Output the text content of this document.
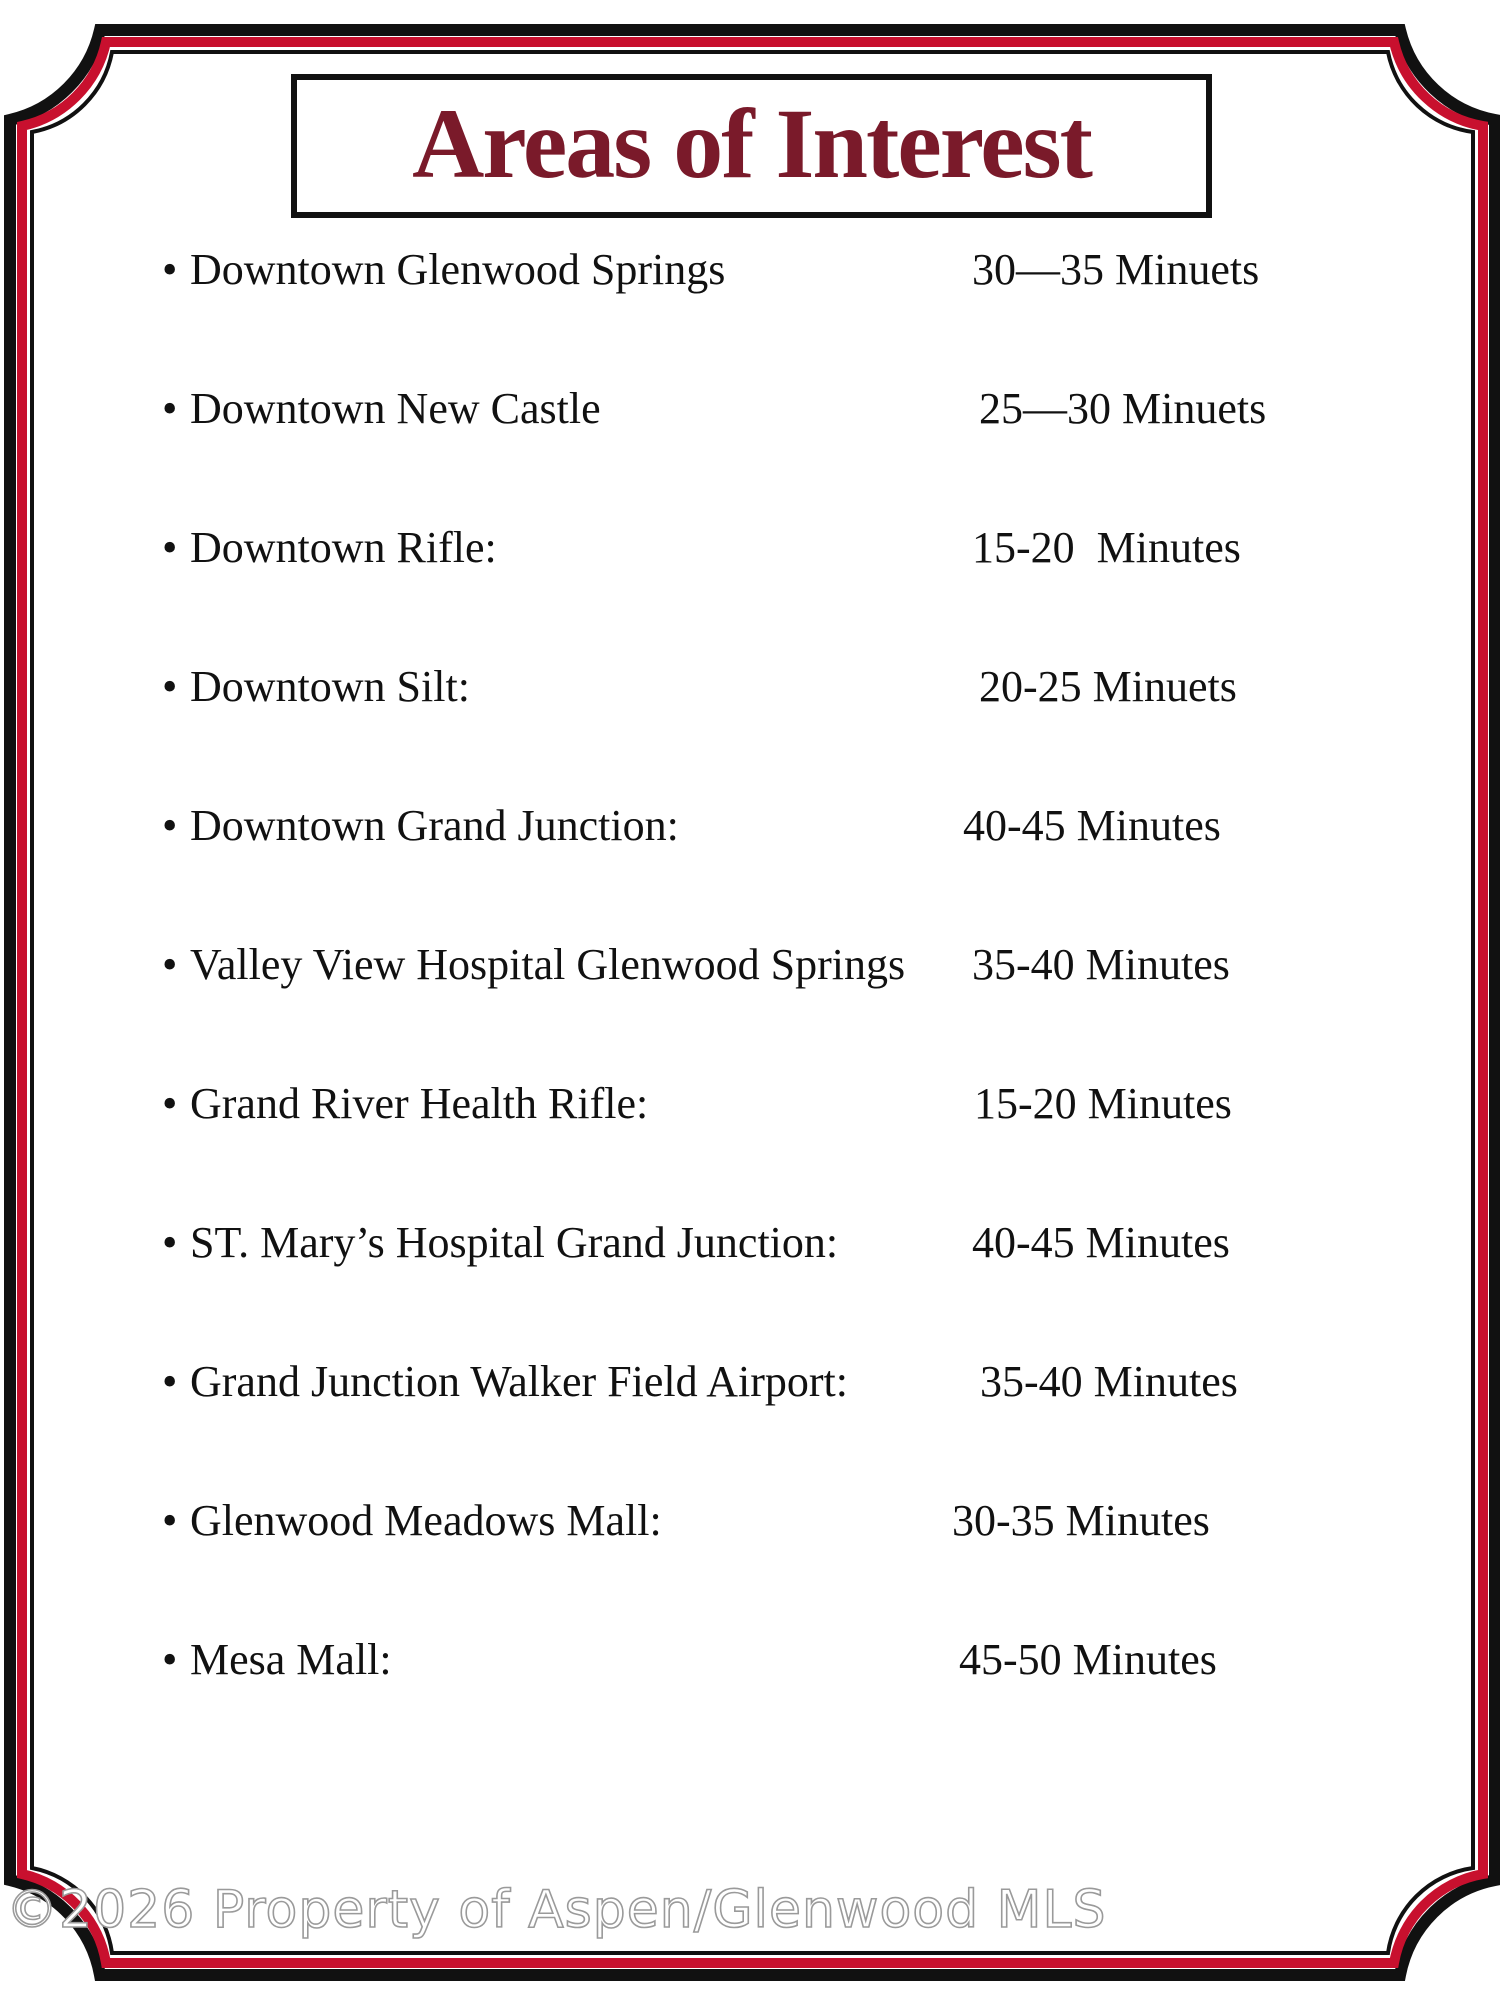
Areas of Interest
• Downtown Glenwood Springs	30—35 Minuets
• Downtown New Castle	25—30 Minuets
• Downtown Rifle:	15-20  Minutes
• Downtown Silt:	20-25 Minuets
• Downtown Grand Junction:	40-45 Minutes
• Valley View Hospital Glenwood Springs 35-40 Minutes
• Grand River Health Rifle:	15-20 Minutes
• ST. Mary’s Hospital Grand Junction:	40-45 Minutes
• Grand Junction Walker Field Airport:	35-40 Minutes
• Glenwood Meadows Mall:	30-35 Minutes
• Mesa Mall:	45-50 Minutes
©2026 Property of Aspen/Glenwood MLS
